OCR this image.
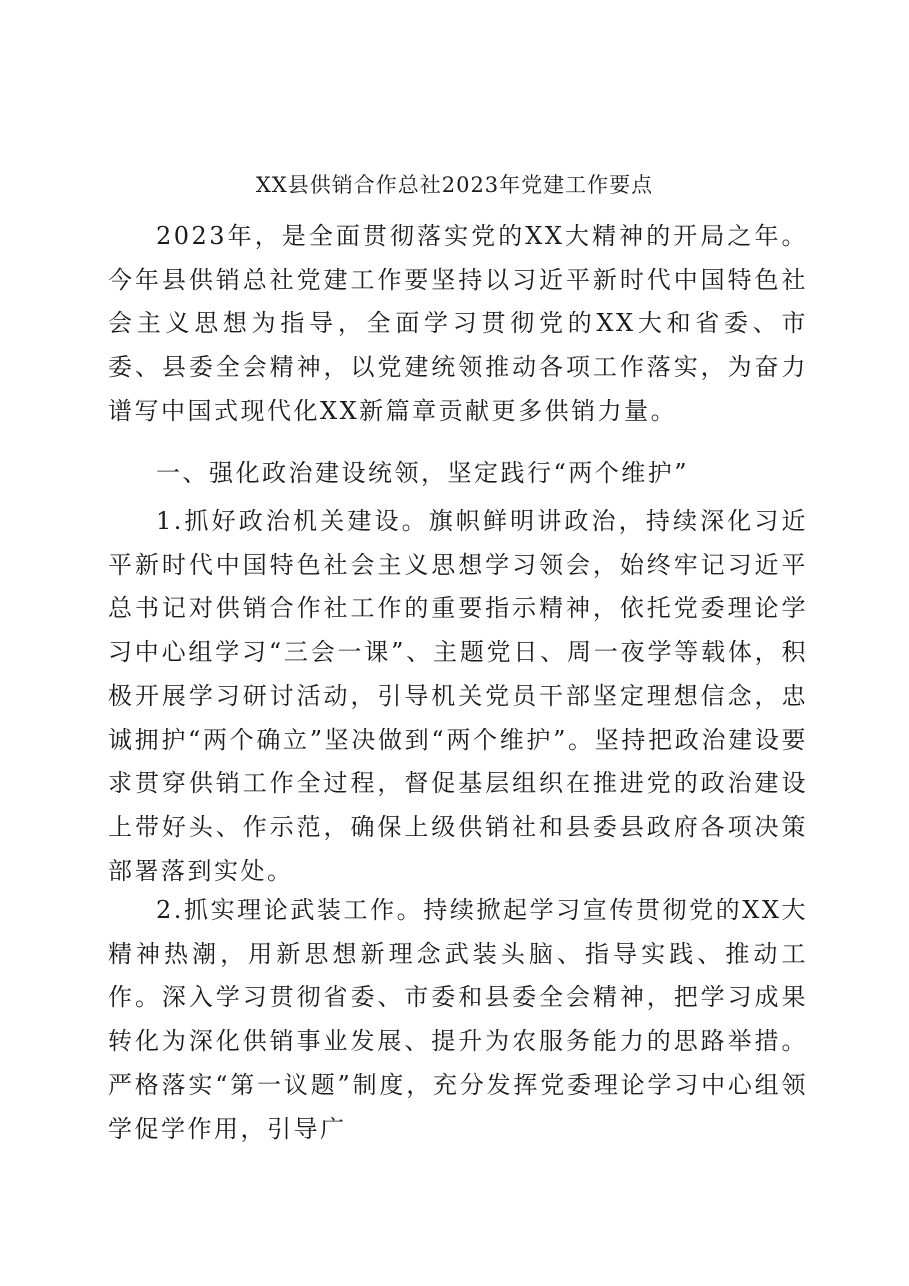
XX县供销合作总社2023年党建工作要点

2023年，是全面贯彻落实党的XX大精神的开局之年。今年县供销总社党建工作要坚持以习近平新时代中国特色社会主义思想为指导，全面学习贯彻党的XX大和省委、市委、县委全会精神，以党建统领推动各项工作落实，为奋力谱写中国式现代化XX新篇章贡献更多供销力量。

一、强化政治建设统领，坚定践行“两个维护”

1.抓好政治机关建设。旗帜鲜明讲政治，持续深化习近平新时代中国特色社会主义思想学习领会，始终牢记习近平总书记对供销合作社工作的重要指示精神，依托党委理论学习中心组学习“三会一课”、主题党日、周一夜学等载体，积极开展学习研讨活动，引导机关党员干部坚定理想信念，忠诚拥护“两个确立”坚决做到“两个维护”。坚持把政治建设要求贯穿供销工作全过程，督促基层组织在推进党的政治建设上带好头、作示范，确保上级供销社和县委县政府各项决策部署落到实处。

2.抓实理论武装工作。持续掀起学习宣传贯彻党的XX大精神热潮，用新思想新理念武装头脑、指导实践、推动工作。深入学习贯彻省委、市委和县委全会精神，把学习成果转化为深化供销事业发展、提升为农服务能力的思路举措。严格落实“第一议题”制度，充分发挥党委理论学习中心组领学促学作用，引导广
